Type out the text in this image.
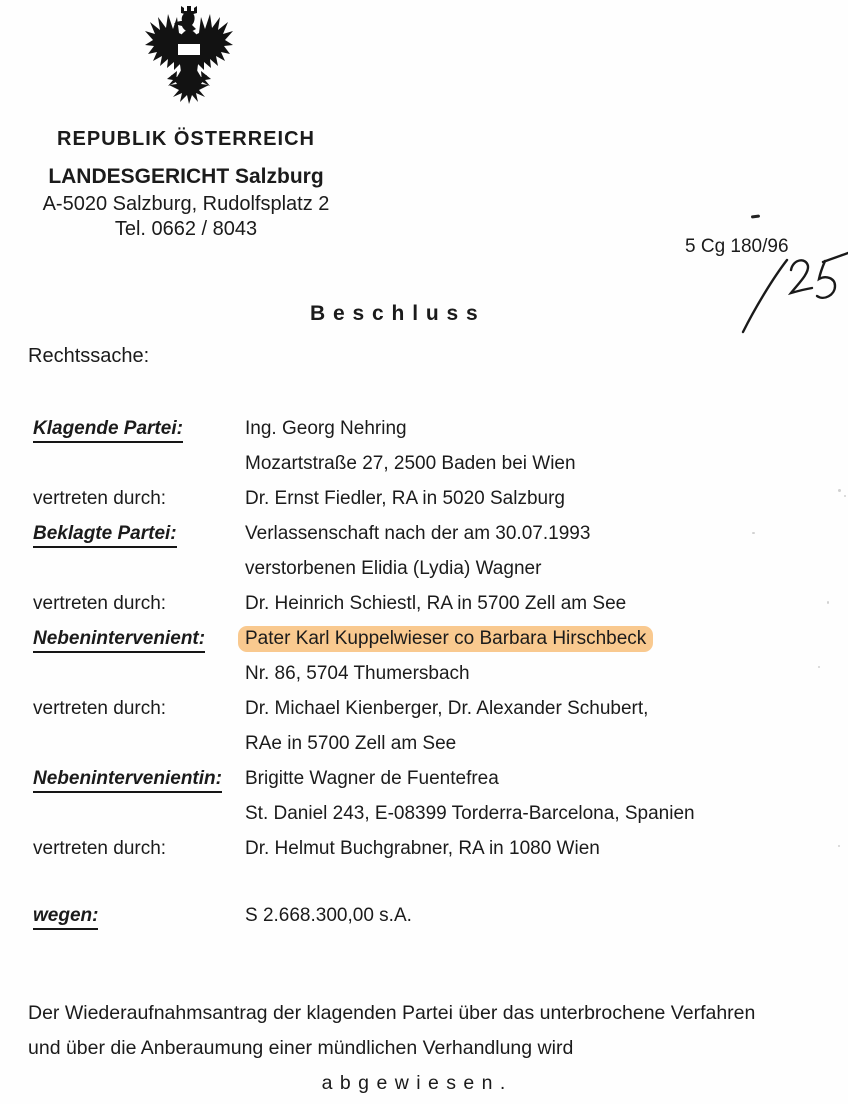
REPUBLIK ÖSTERREICH
LANDESGERICHT Salzburg
A-5020 Salzburg, Rudolfsplatz 2
Tel. 0662 / 8043
5 Cg 180/96
B e s c h l u s s
Rechtssache:
Klagende Partei:	Ing. Georg Nehring
Mozartstraße 27, 2500 Baden bei Wien
vertreten durch:	Dr. Ernst Fiedler, RA in 5020 Salzburg
Beklagte Partei:	Verlassenschaft nach der am 30.07.1993
verstorbenen Elidia (Lydia) Wagner
vertreten durch:	Dr. Heinrich Schiestl, RA in 5700 Zell am See
Nebenintervenient:	Pater Karl Kuppelwieser co Barbara Hirschbeck
Nr. 86, 5704 Thumersbach
vertreten durch:	Dr. Michael Kienberger, Dr. Alexander Schubert,
RAe in 5700 Zell am See
Nebenintervenientin:	Brigitte Wagner de Fuentefrea
St. Daniel 243, E-08399 Torderra-Barcelona, Spanien
vertreten durch:	Dr. Helmut Buchgrabner, RA in 1080 Wien
wegen:	S 2.668.300,00 s.A.
Der Wiederaufnahmsantrag der klagenden Partei über das unterbrochene Verfahren
und über die Anberaumung einer mündlichen Verhandlung wird
a b g e w i e s e n .
